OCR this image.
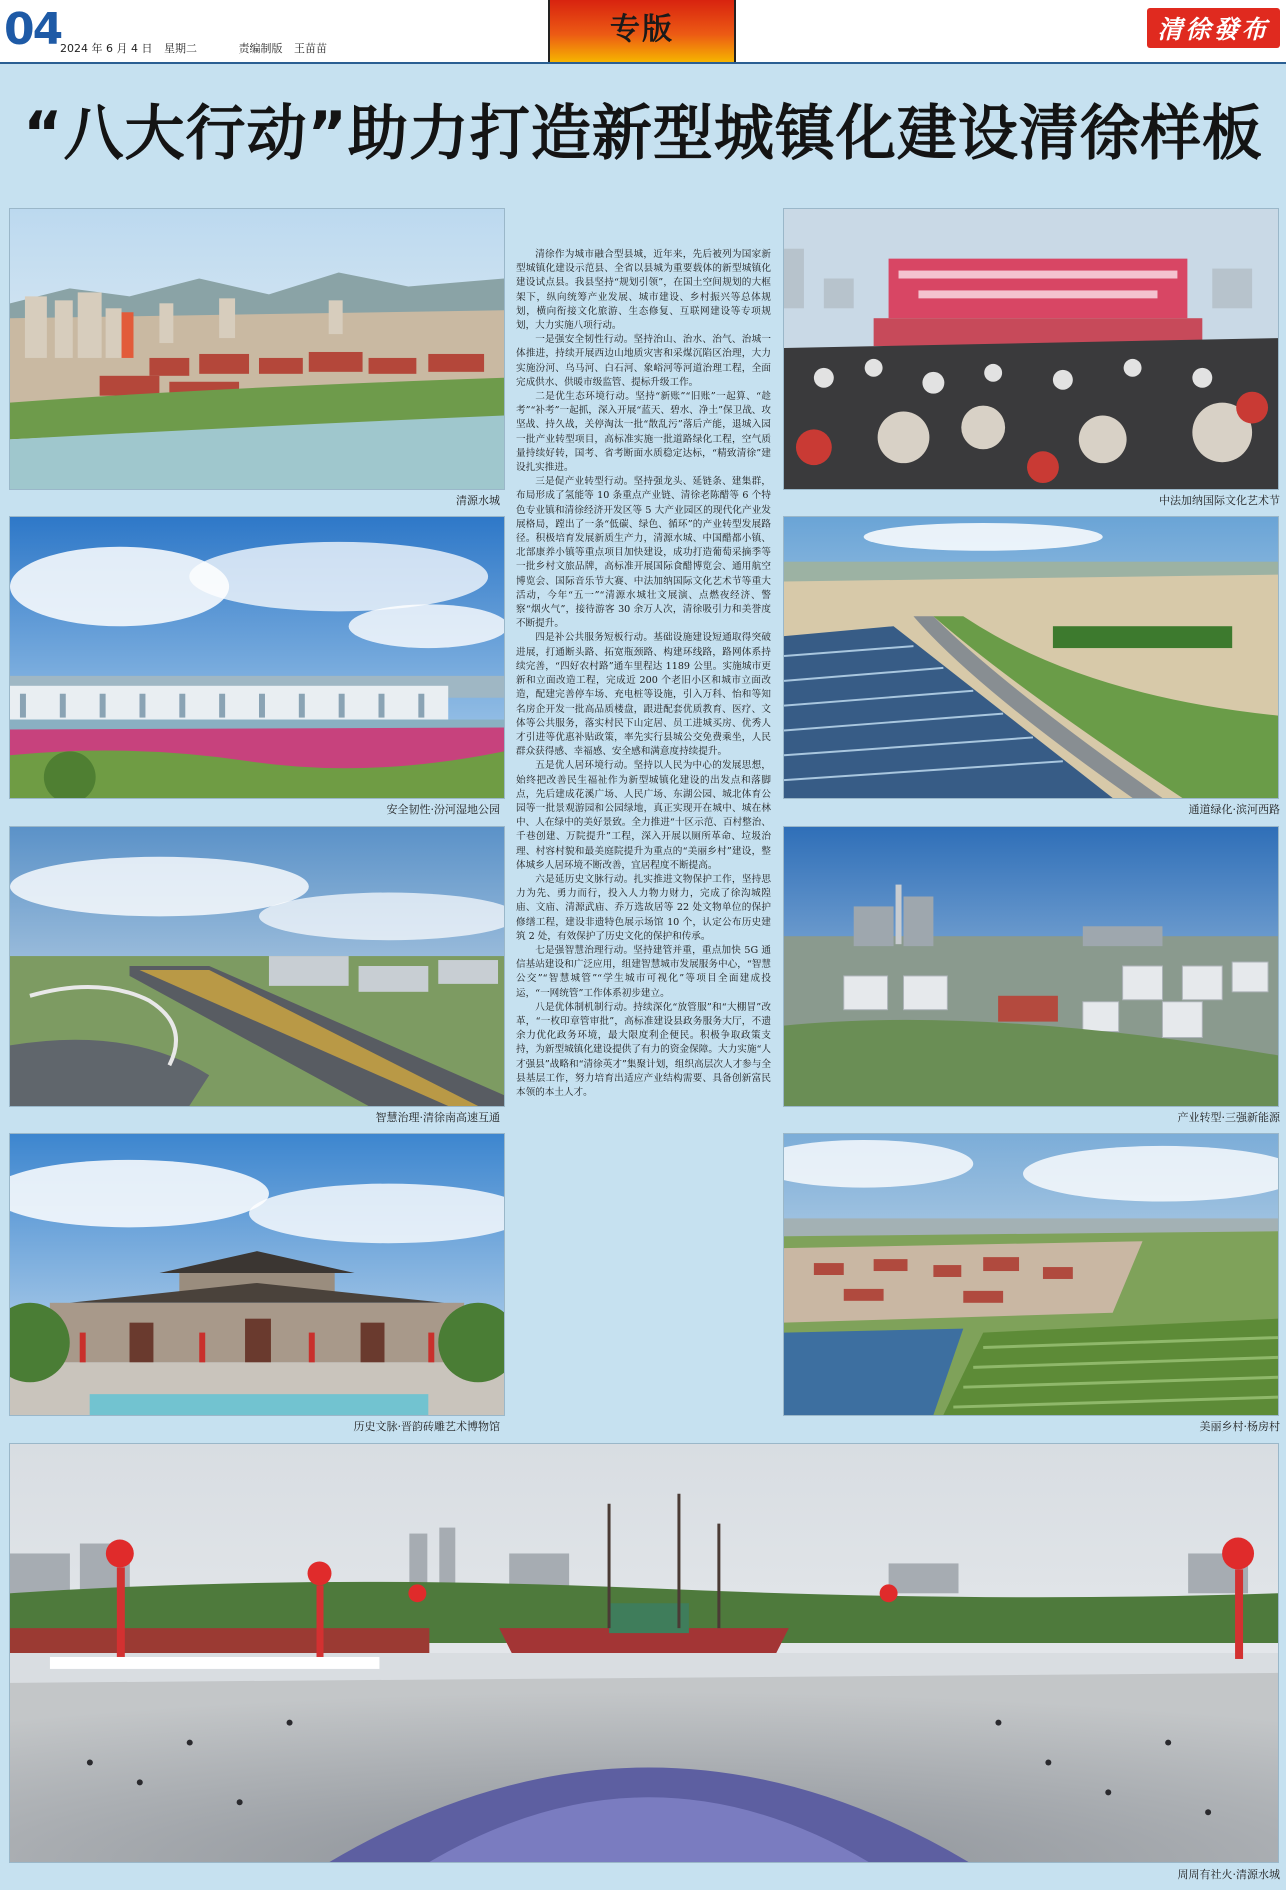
04
2024 年 6 月 4 日 星期二	责编制版 王苗苗
专版	清徐發布
“八大行动”助力打造新型城镇化建设清徐样板
清源水城
安全韧性·汾河湿地公园
智慧治理·清徐南高速互通
历史文脉·晋韵砖雕艺术博物馆

清徐作为城市融合型县城，近年来，先后被列为国家新型城镇化建设示范县、全省以县城为重要载体的新型城镇化建设试点县。我县坚持“规划引领”，在国土空间规划的大框架下，纵向统筹产业发展、城市建设、乡村振兴等总体规划，横向衔接文化旅游、生态修复、互联网建设等专项规划，大力实施八项行动。

一是强安全韧性行动。坚持治山、治水、治气、治城一体推进，持续开展西边山地质灾害和采煤沉陷区治理，大力实施汾河、乌马河、白石河、象峪河等河道治理工程，全面完成供水、供暖市级监管、提标升级工作。

二是优生态环境行动。坚持“新账”“旧账”一起算、“趁考”“补考”一起抓，深入开展“蓝天、碧水、净土”保卫战、攻坚战、持久战，关停淘汰一批“散乱污”落后产能，退城入园一批产业转型项目，高标准实施一批道路绿化工程，空气质量持续好转，国考、省考断面水质稳定达标，“精致清徐”建设扎实推进。

三是促产业转型行动。坚持强龙头、延链条、建集群，布局形成了氢能等 10 条重点产业链、清徐老陈醋等 6 个特色专业镇和清徐经济开发区等 5 大产业园区的现代化产业发展格局，蹚出了一条“低碳、绿色、循环”的产业转型发展路径。积极培育发展新质生产力，清源水城、中国醋都小镇、北部康养小镇等重点项目加快建设，成功打造葡萄采摘季等一批乡村文旅品牌，高标准开展国际食醋博览会、通用航空博览会、国际音乐节大赛、中法加纳国际文化艺术节等重大活动，今年“五一”“清源水城壮文展演、点燃夜经济、警察“烟火气”，接待游客 30 余万人次，清徐吸引力和美誉度不断提升。

四是补公共服务短板行动。基础设施建设短通取得突破进展，打通断头路、拓宽瓶颈路、构建环线路，路网体系持续完善，“四好农村路”通车里程达 1189 公里。实施城市更新和立面改造工程，完成近 200 个老旧小区和城市立面改造，配建完善停车场、充电桩等设施，引入万科、怡和等知名房企开发一批高品质楼盘，跟进配套优质教育、医疗、文体等公共服务，落实村民下山定居、员工进城买房、优秀人才引进等优惠补贴政策，率先实行县城公交免费乘坐，人民群众获得感、幸福感、安全感和满意度持续提升。

五是优人居环境行动。坚持以人民为中心的发展思想，始终把改善民生福祉作为新型城镇化建设的出发点和落脚点，先后建成花溪广场、人民广场、东湖公园、城北体育公园等一批景观游园和公园绿地，真正实现开在城中、城在林中、人在绿中的美好景致。全力推进“十区示范、百村整治、千巷创建、万院提升”工程，深入开展以厕所革命、垃圾治理、村容村貌和最美庭院提升为重点的“美丽乡村”建设，整体城乡人居环境不断改善，宜居程度不断提高。

六是延历史文脉行动。扎实推进文物保护工作，坚持思力为先、勇力而行，投入人力物力财力，完成了徐沟城隍庙、文庙、清源武庙、乔万选故居等 22 处文物单位的保护修缮工程，建设非遗特色展示场馆 10 个，认定公布历史建筑 2 处，有效保护了历史文化的保护和传承。

七是强智慧治理行动。坚持建管并重，重点加快 5G 通信基站建设和广泛应用，组建智慧城市发展服务中心，“智慧公交”“智慧城管”“学生城市可视化”等项目全面建成投运，“一网统管”工作体系初步建立。

八是优体制机制行动。持续深化“放管服”和“大棚冒”改革，“一枚印章管审批”，高标准建设县政务服务大厅，不遗余力优化政务环境，最大限度利企便民。积极争取政策支持，为新型城镇化建设提供了有力的资金保障。大力实施“人才强县”战略和“清徐英才”集聚计划，组织高层次人才参与全县基层工作，努力培育出适应产业结构需要、具备创新富民本领的本土人才。

中法加纳国际文化艺术节
通道绿化·滨河西路
产业转型·三强新能源
美丽乡村·杨房村
周周有社火·清源水城
